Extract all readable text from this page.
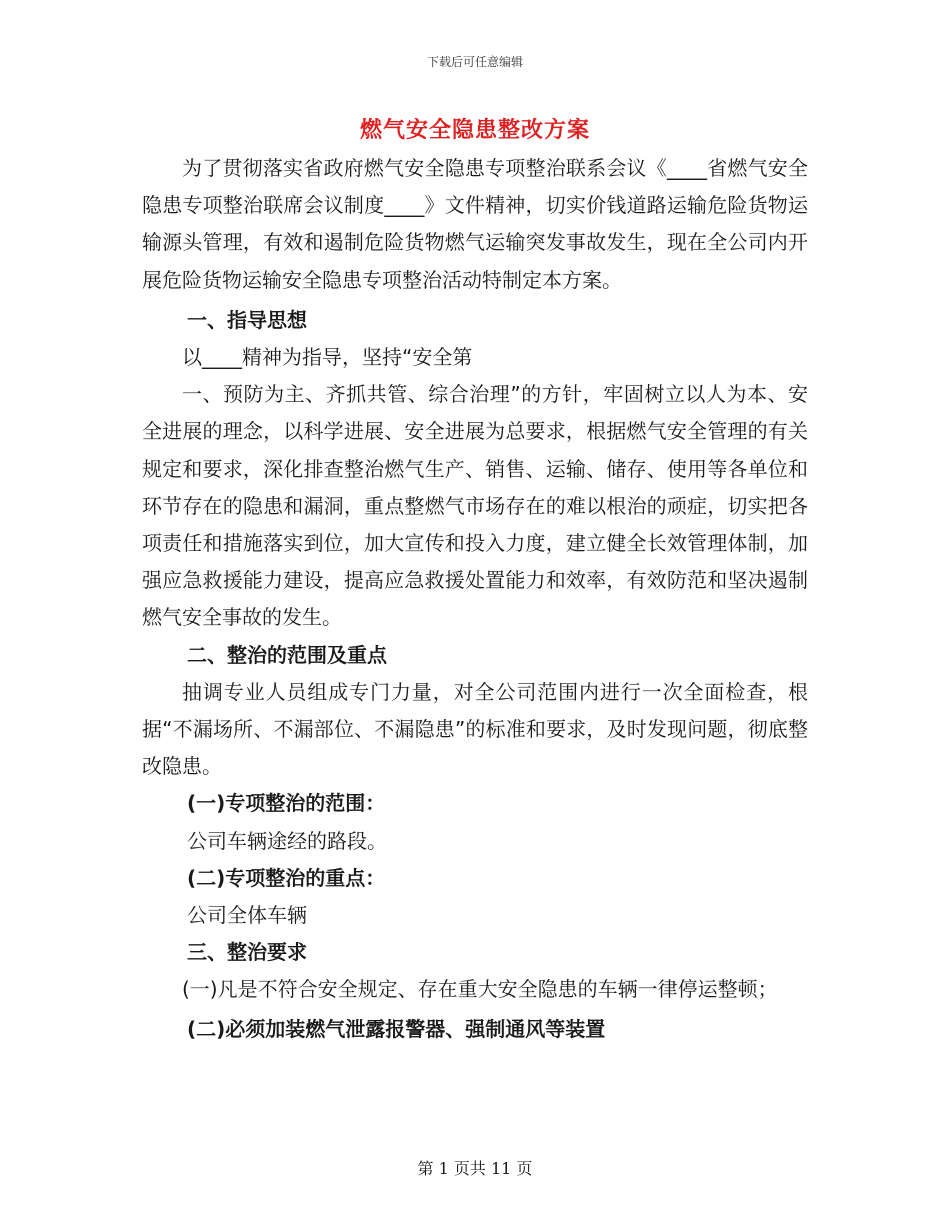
下载后可任意编辑
燃气安全隐患整改方案

为了贯彻落实省政府燃气安全隐患专项整治联系会议《____省燃气安全隐患专项整治联席会议制度____》文件精神，切实价钱道路运输危险货物运输源头管理，有效和遏制危险货物燃气运输突发事故发生，现在全公司内开展危险货物运输安全隐患专项整治活动特制定本方案。

一、指导思想

以____精神为指导，坚持“安全第

一、预防为主、齐抓共管、综合治理”的方针，牢固树立以人为本、安全进展的理念，以科学进展、安全进展为总要求，根据燃气安全管理的有关规定和要求，深化排查整治燃气生产、销售、运输、储存、使用等各单位和环节存在的隐患和漏洞，重点整燃气市场存在的难以根治的顽症，切实把各项责任和措施落实到位，加大宣传和投入力度，建立健全长效管理体制，加强应急救援能力建设，提高应急救援处置能力和效率，有效防范和坚决遏制燃气安全事故的发生。

二、整治的范围及重点

抽调专业人员组成专门力量，对全公司范围内进行一次全面检查，根据“不漏场所、不漏部位、不漏隐患”的标准和要求，及时发现问题，彻底整改隐患。

(一)专项整治的范围：

公司车辆途经的路段。

(二)专项整治的重点：

公司全体车辆

三、整治要求

(一)凡是不符合安全规定、存在重大安全隐患的车辆一律停运整顿；

(二)必须加装燃气泄露报警器、强制通风等装置

第 1 页共 11 页
